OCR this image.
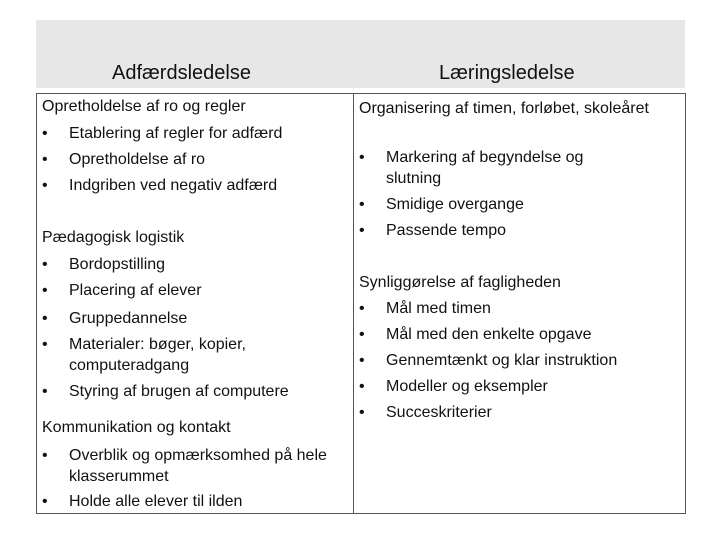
Adfærdsledelse	Læringsledelse
Opretholdelse af ro og regler
• Etablering af regler for adfærd
• Opretholdelse af ro
• Indgriben ved negativ adfærd
Pædagogisk logistik
• Bordopstilling
• Placering af elever
• Gruppedannelse
• Materialer: bøger, kopier, computeradgang
• Styring af brugen af computere
Kommunikation og kontakt
• Overblik og opmærksomhed på hele klasserummet
• Holde alle elever til ilden
Organisering af timen, forløbet, skoleåret
• Markering af begyndelse og slutning
• Smidige overgange
• Passende tempo
Synliggørelse af fagligheden
• Mål med timen
• Mål med den enkelte opgave
• Gennemtænkt og klar instruktion
• Modeller og eksempler
• Succeskriterier
